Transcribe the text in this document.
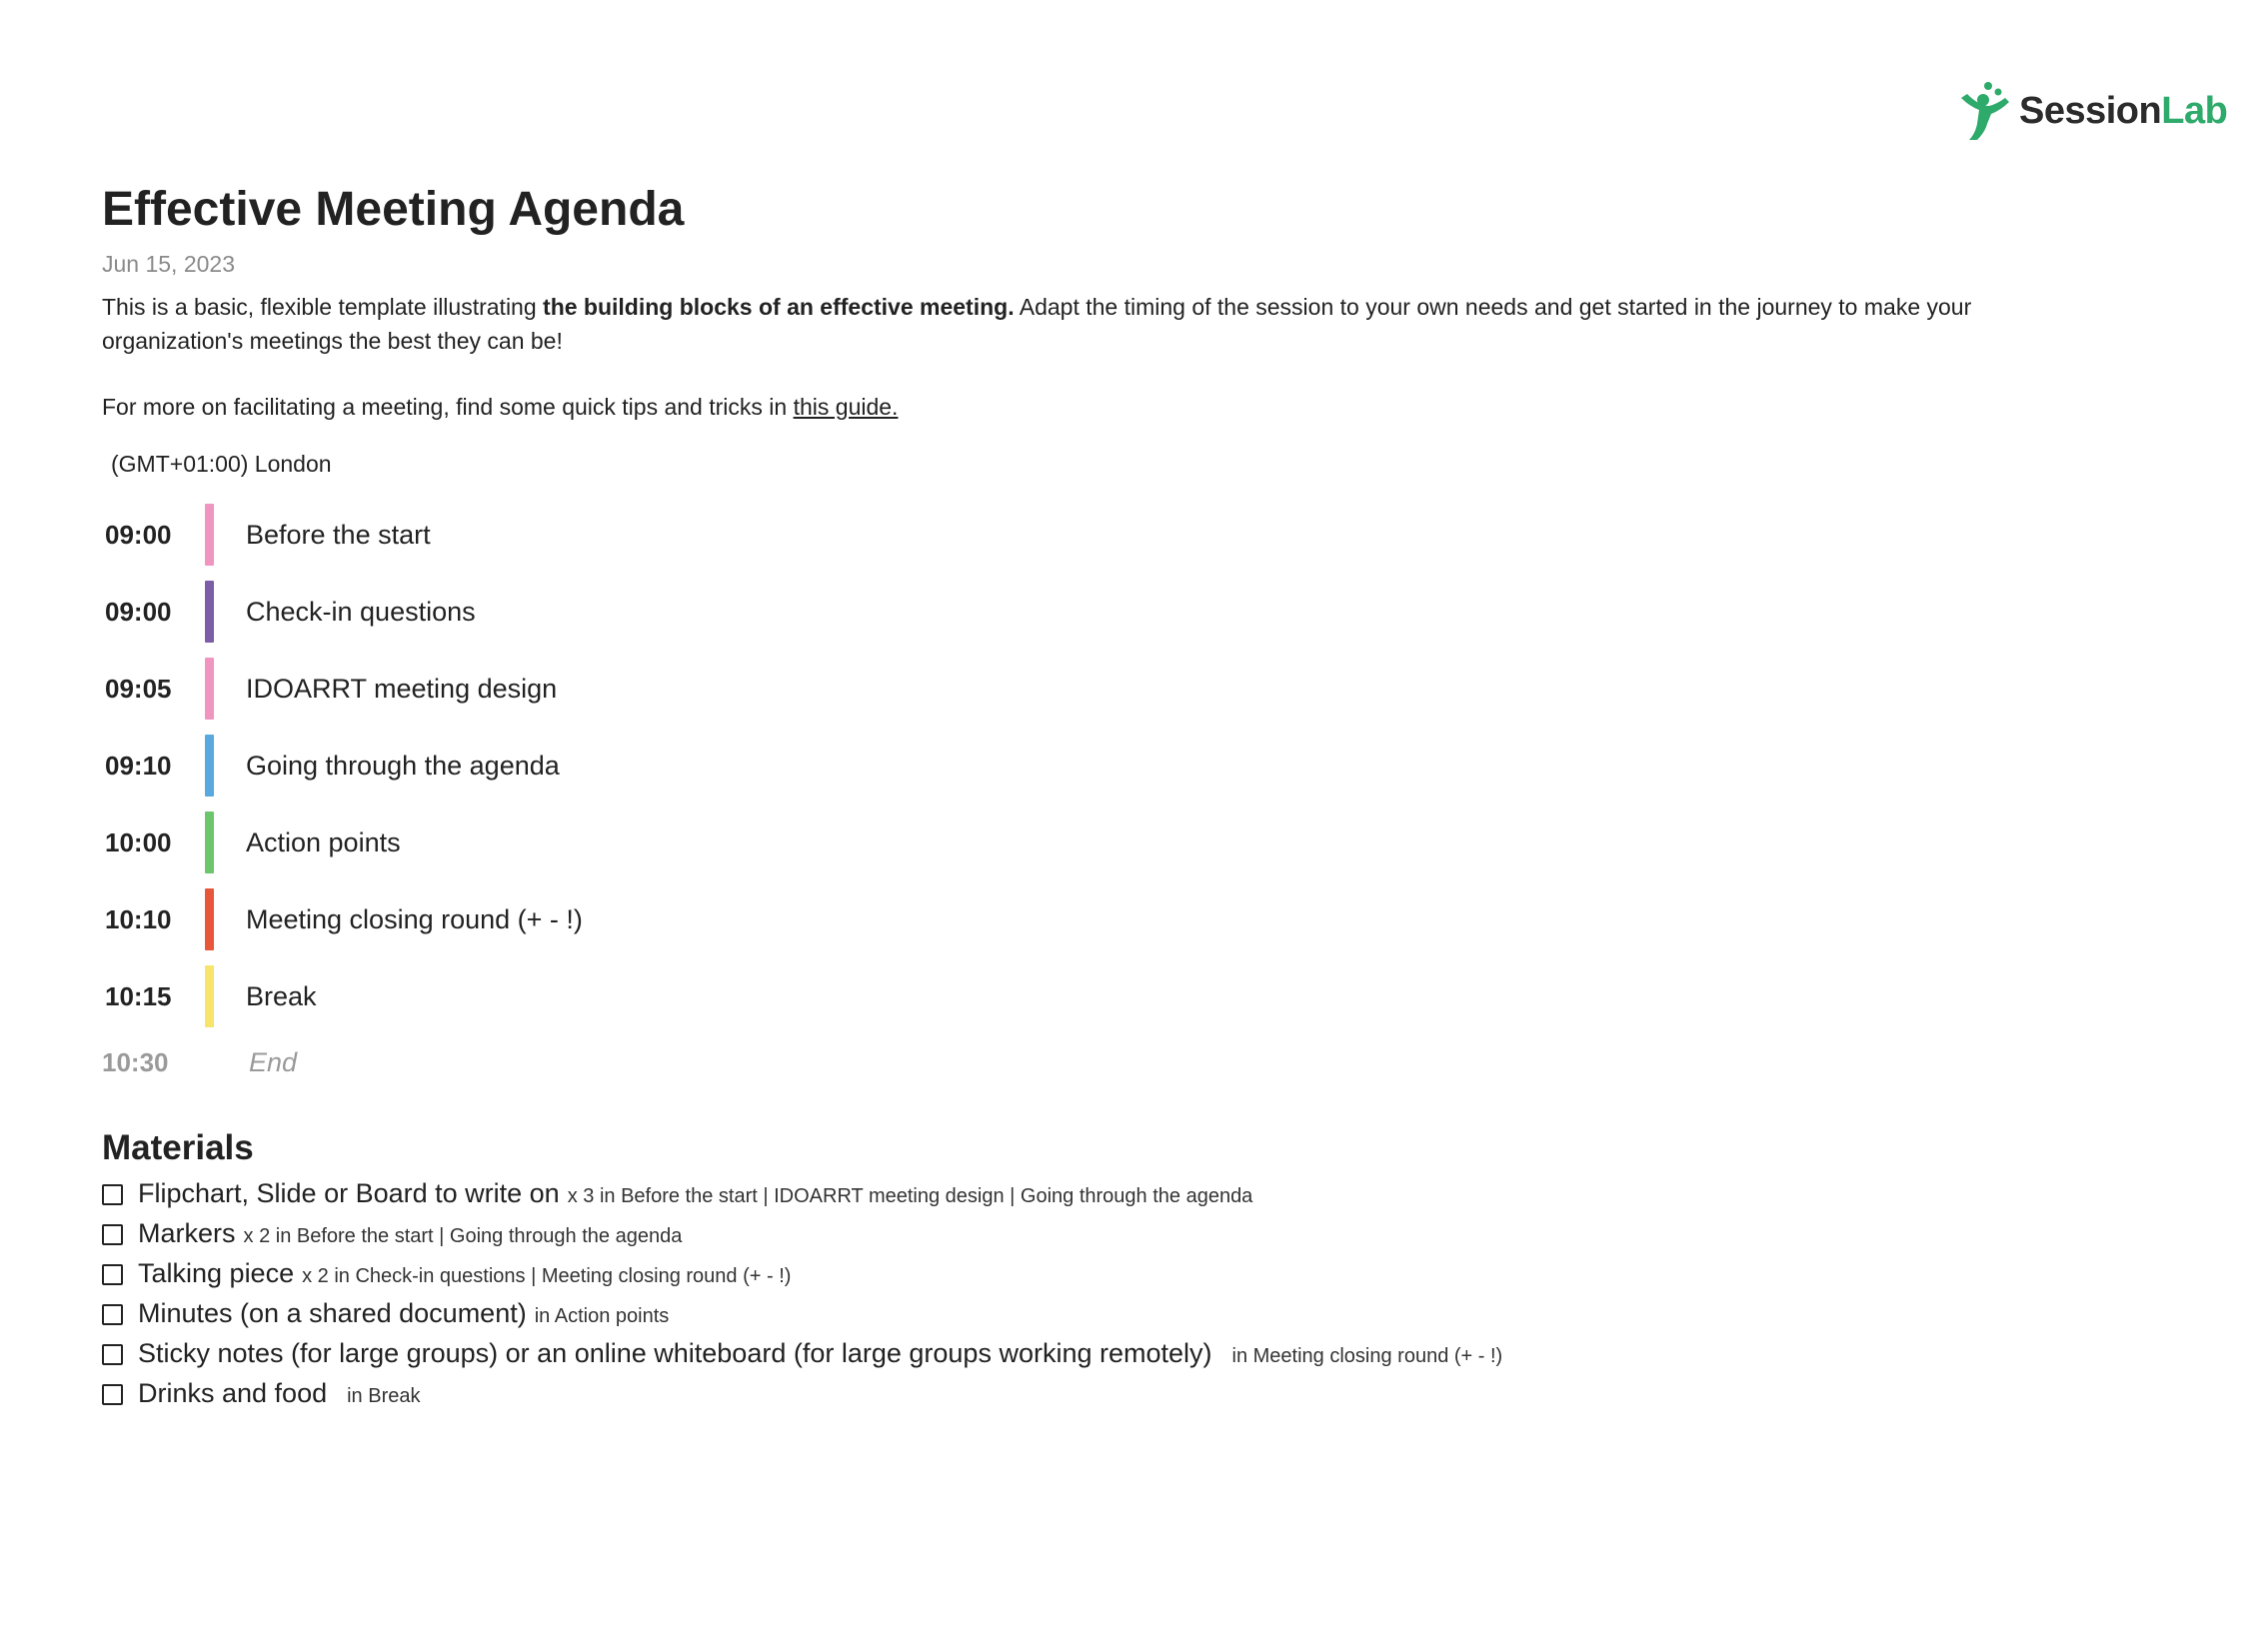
SessionLab
Effective Meeting Agenda
Jun 15, 2023
This is a basic, flexible template illustrating the building blocks of an effective meeting. Adapt the timing of the session to your own needs and get started in the journey to make your organization's meetings the best they can be!
For more on facilitating a meeting, find some quick tips and tricks in this guide.
(GMT+01:00) London
09:00	Before the start
09:00	Check-in questions
09:05	IDOARRT meeting design
09:10	Going through the agenda
10:00	Action points
10:10	Meeting closing round (+ - !)
10:15	Break
10:30	End
Materials
Flipchart, Slide or Board to write on x 3 in Before the start | IDOARRT meeting design | Going through the agenda
Markers x 2 in Before the start | Going through the agenda
Talking piece x 2 in Check-in questions | Meeting closing round (+ - !)
Minutes (on a shared document) in Action points
Sticky notes (for large groups) or an online whiteboard (for large groups working remotely) in Meeting closing round (+ - !)
Drinks and food in Break
